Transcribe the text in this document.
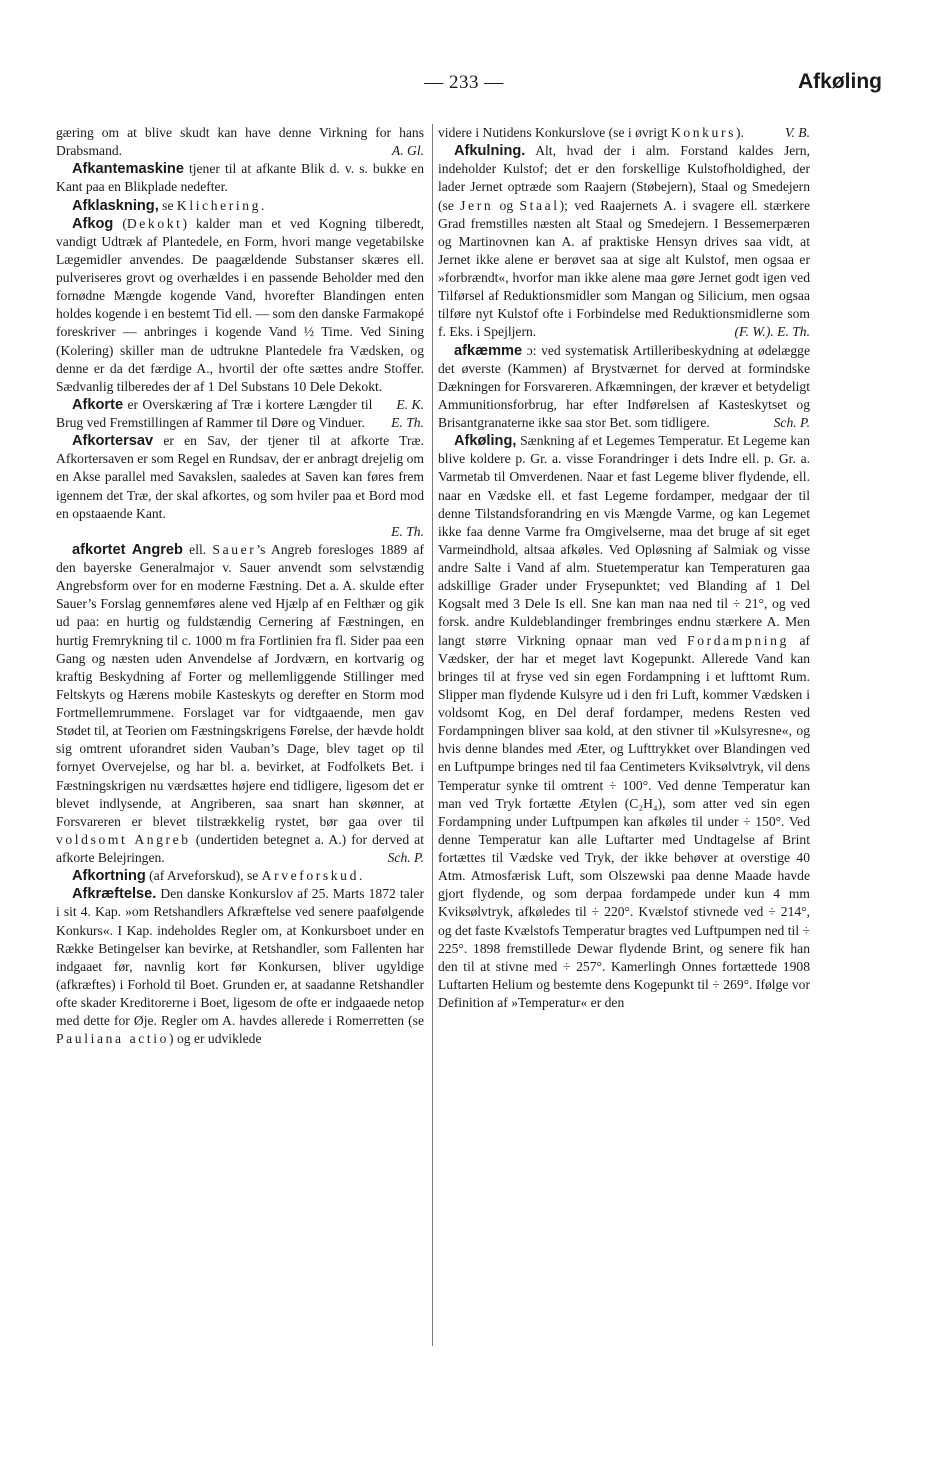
— 233 —	Afkøling

gæring om at blive skudt kan have denne Virkning for hans Drabsmand.	A. Gl.

Afkantemaskine tjener til at afkante Blik d. v. s. bukke en Kant paa en Blikplade nedefter.

Afklaskning, se Klichering.

Afkog (Dekokt) kalder man et ved Kogning tilberedt, vandigt Udtræk af Plantedele, en Form, hvori mange vegetabilske Lægemidler anvendes. De paagældende Substanser skæres ell. pulveriseres grovt og overhældes i en passende Beholder med den fornødne Mængde kogende Vand, hvorefter Blandingen enten holdes kogende i en bestemt Tid ell. — som den danske Farmakopé foreskriver — anbringes i kogende Vand ½ Time. Ved Sining (Kolering) skiller man de udtrukne Plantedele fra Vædsken, og denne er da det færdige A., hvortil der ofte sættes andre Stoffer. Sædvanlig tilberedes der af 1 Del Substans 10 Dele Dekokt.
E. K.

Afkorte er Overskæring af Træ i kortere Længder til Brug ved Fremstillingen af Rammer til Døre og Vinduer.	E. Th.

Afkortersav er en Sav, der tjener til at afkorte Træ. Afkortersaven er som Regel en Rundsav, der er anbragt drejelig om en Akse parallel med Savakslen, saaledes at Saven kan føres frem igennem det Træ, der skal afkortes, og som hviler paa et Bord mod en opstaaende Kant.

E. Th.

afkortet Angreb ell. Sauer’s Angreb foresloges 1889 af den bayerske Generalmajor v. Sauer anvendt som selvstændig Angrebsform over for en moderne Fæstning. Det a. A. skulde efter Sauer’s Forslag gennemføres alene ved Hjælp af en Felthær og gik ud paa: en hurtig og fuldstændig Cernering af Fæstningen, en hurtig Fremrykning til c. 1000 m fra Fortlinien fra fl. Sider paa een Gang og næsten uden Anvendelse af Jordværn, en kortvarig og kraftig Beskydning af Forter og mellemliggende Stillinger med Feltskyts og Hærens mobile Kasteskyts og derefter en Storm mod Fortmellemrummene. Forslaget var for vidtgaaende, men gav Stødet til, at Teorien om Fæstningskrigens Førelse, der hævde holdt sig omtrent uforandret siden Vauban’s Dage, blev taget op til fornyet Overvejelse, og har bl. a. bevirket, at Fodfolkets Bet. i Fæstningskrigen nu værdsættes højere end tidligere, ligesom det er blevet indlysende, at Angriberen, saa snart han skønner, at Forsvareren er blevet tilstrækkelig rystet, bør gaa over til voldsomt Angreb (undertiden betegnet a. A.) for derved at afkorte Belejringen.	Sch. P.

Afkortning (af Arveforskud), se Arveforskud.

Afkræftelse. Den danske Konkurslov af 25. Marts 1872 taler i sit 4. Kap. »om Retshandlers Afkræftelse ved senere paafølgende Konkurs«. I Kap. indeholdes Regler om, at Konkursboet under en Række Betingelser kan bevirke, at Retshandler, som Fallenten har indgaaet før, navnlig kort før Konkursen, bliver ugyldige (afkræftes) i Forhold til Boet. Grunden er, at saadanne Retshandler ofte skader Kreditorerne i Boet, ligesom de ofte er indgaaede netop med dette for Øje. Regler om A. havdes allerede i Romerretten (se Pauliana actio) og er udviklede

videre i Nutidens Konkurslove (se i øvrigt Konkurs).	V. B.

Afkulning. Alt, hvad der i alm. Forstand kaldes Jern, indeholder Kulstof; det er den forskellige Kulstofholdighed, der lader Jernet optræde som Raajern (Støbejern), Staal og Smedejern (se Jern og Staal); ved Raajernets A. i svagere ell. stærkere Grad fremstilles næsten alt Staal og Smedejern. I Bessemerpæren og Martinovnen kan A. af praktiske Hensyn drives saa vidt, at Jernet ikke alene er berøvet saa at sige alt Kulstof, men ogsaa er »forbrændt«, hvorfor man ikke alene maa gøre Jernet godt igen ved Tilførsel af Reduktionsmidler som Mangan og Silicium, men ogsaa tilføre nyt Kulstof ofte i Forbindelse med Reduktionsmidlerne som f. Eks. i Spejljern.	(F. W.). E. Th.

afkæmme ɔ: ved systematisk Artilleribeskydning at ødelægge det øverste (Kammen) af Brystværnet for derved at formindske Dækningen for Forsvareren. Afkæmningen, der kræver et betydeligt Ammunitionsforbrug, har efter Indførelsen af Kasteskytset og Brisantgranaterne ikke saa stor Bet. som tidligere.	Sch. P.

Afkøling, Sænkning af et Legemes Temperatur. Et Legeme kan blive koldere p. Gr. a. visse Forandringer i dets Indre ell. p. Gr. a. Varmetab til Omverdenen. Naar et fast Legeme bliver flydende, ell. naar en Vædske ell. et fast Legeme fordamper, medgaar der til denne Tilstandsforandring en vis Mængde Varme, og kan Legemet ikke faa denne Varme fra Omgivelserne, maa det bruge af sit eget Varmeindhold, altsaa afkøles. Ved Opløsning af Salmiak og visse andre Salte i Vand af alm. Stuetemperatur kan Temperaturen gaa adskillige Grader under Frysepunktet; ved Blanding af 1 Del Kogsalt med 3 Dele Is ell. Sne kan man naa ned til ÷ 21°, og ved forsk. andre Kuldeblandinger frembringes endnu stærkere A. Men langt større Virkning opnaar man ved Fordampning af Vædsker, der har et meget lavt Kogepunkt. Allerede Vand kan bringes til at fryse ved sin egen Fordampning i et lufttomt Rum. Slipper man flydende Kulsyre ud i den fri Luft, kommer Vædsken i voldsomt Kog, en Del deraf fordamper, medens Resten ved Fordampningen bliver saa kold, at den stivner til »Kulsyresne«, og hvis denne blandes med Æter, og Lufttrykket over Blandingen ved en Luftpumpe bringes ned til faa Centimeters Kviksølvtryk, vil dens Temperatur synke til omtrent ÷ 100°. Ved denne Temperatur kan man ved Tryk fortætte Ætylen (C₂H₄), som atter ved sin egen Fordampning under Luftpumpen kan afkøles til under ÷ 150°. Ved denne Temperatur kan alle Luftarter med Undtagelse af Brint fortættes til Vædske ved Tryk, der ikke behøver at overstige 40 Atm. Atmosfærisk Luft, som Olszewski paa denne Maade havde gjort flydende, og som derpaa fordampede under kun 4 mm Kviksølvtryk, afkøledes til ÷ 220°. Kvælstof stivnede ved ÷ 214°, og det faste Kvælstofs Temperatur bragtes ved Luftpumpen ned til ÷ 225°. 1898 fremstillede Dewar flydende Brint, og senere fik han den til at stivne med ÷ 257°. Kamerlingh Onnes fortættede 1908 Luftarten Helium og bestemte dens Kogepunkt til ÷ 269°. Ifølge vor Definition af »Temperatur« er den
